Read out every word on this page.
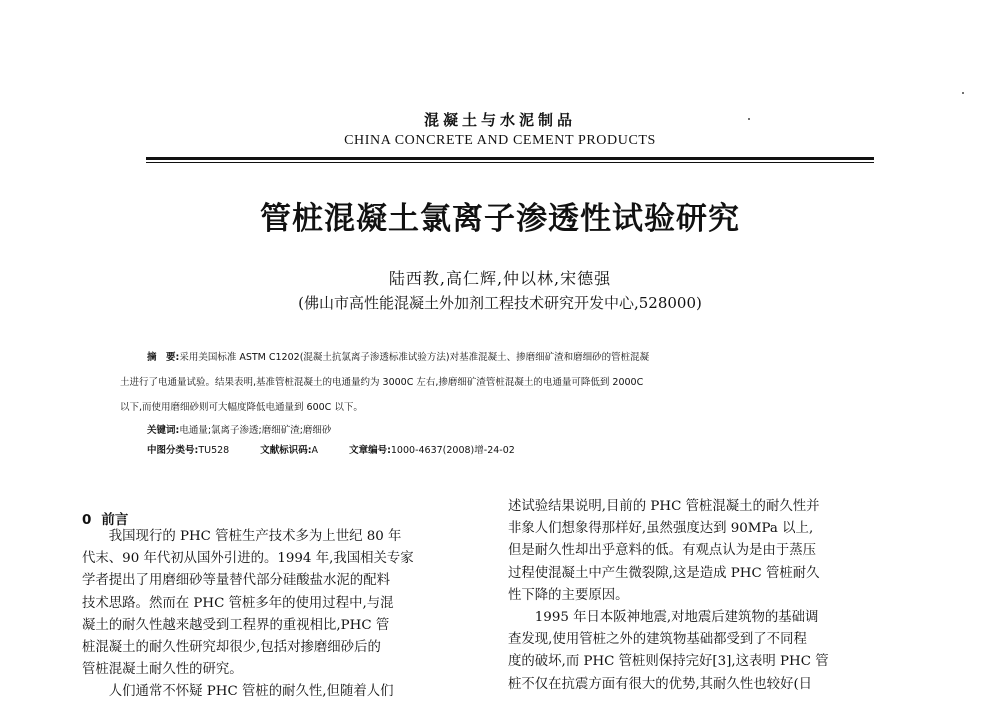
混凝土与水泥制品
CHINA CONCRETE AND CEMENT PRODUCTS
管桩混凝土氯离子渗透性试验研究
陆西教,高仁辉,仲以林,宋德强
(佛山市高性能混凝土外加剂工程技术研究开发中心,528000)
摘　要:采用美国标准 ASTM C1202(混凝土抗氯离子渗透标准试验方法)对基准混凝土、掺磨细矿渣和磨细砂的管桩混凝
土进行了电通量试验。结果表明,基准管桩混凝土的电通量约为 3000C 左右,掺磨细矿渣管桩混凝土的电通量可降低到 2000C
以下,而使用磨细砂则可大幅度降低电通量到 600C 以下。
关键词:电通量;氯离子渗透;磨细矿渣;磨细砂
中图分类号:TU528	文献标识码:A	文章编号:1000-4637(2008)增-24-02
0 前言
　　我国现行的 PHC 管桩生产技术多为上世纪 80 年
代末、90 年代初从国外引进的。1994 年,我国相关专家
学者提出了用磨细砂等量替代部分硅酸盐水泥的配料
技术思路。然而在 PHC 管桩多年的使用过程中,与混
凝土的耐久性越来越受到工程界的重视相比,PHC 管
桩混凝土的耐久性研究却很少,包括对掺磨细砂后的
管桩混凝土耐久性的研究。
　　人们通常不怀疑 PHC 管桩的耐久性,但随着人们
述试验结果说明,目前的 PHC 管桩混凝土的耐久性并
非象人们想象得那样好,虽然强度达到 90MPa 以上,
但是耐久性却出乎意料的低。有观点认为是由于蒸压
过程使混凝土中产生微裂隙,这是造成 PHC 管桩耐久
性下降的主要原因。
　　1995 年日本阪神地震,对地震后建筑物的基础调
查发现,使用管桩之外的建筑物基础都受到了不同程
度的破坏,而 PHC 管桩则保持完好[3],这表明 PHC 管
桩不仅在抗震方面有很大的优势,其耐久性也较好(日
